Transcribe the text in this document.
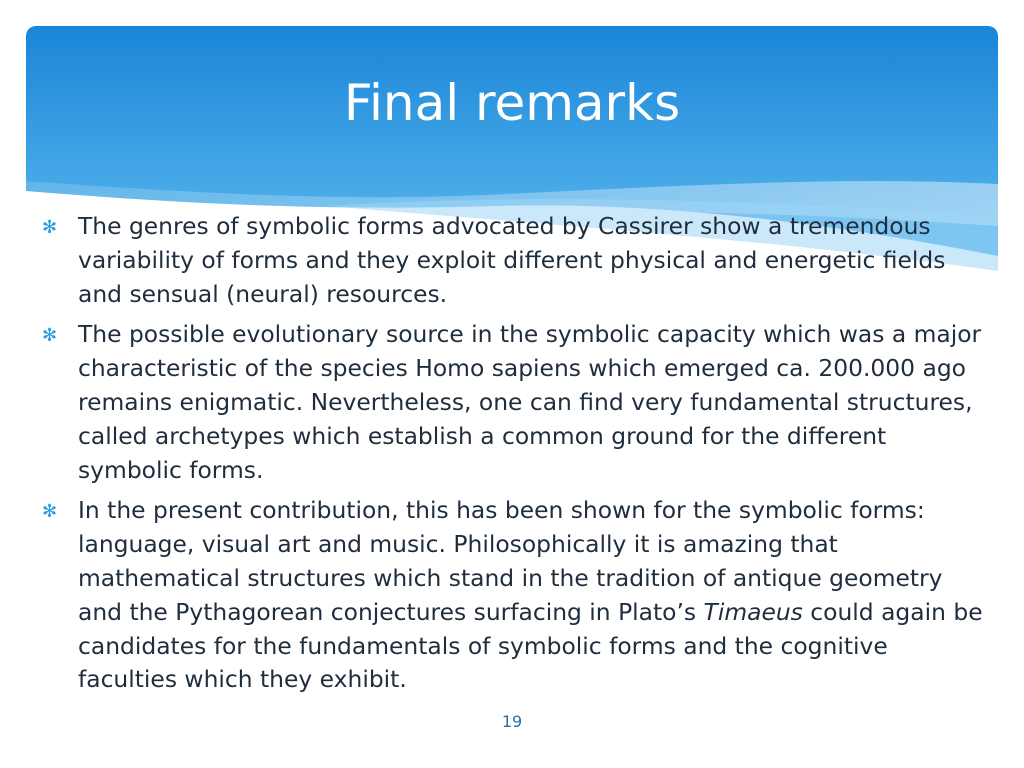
Final remarks
✻ The genres of symbolic forms advocated by Cassirer show a tremendous variability of forms and they exploit different physical and energetic fields and sensual (neural) resources.
✻ The possible evolutionary source in the symbolic capacity which was a major characteristic of the species Homo sapiens which emerged ca. 200.000 ago remains enigmatic. Nevertheless, one can find very fundamental structures, called archetypes which establish a common ground for the different symbolic forms.
✻ In the present contribution, this has been shown for the symbolic forms: language, visual art and music. Philosophically it is amazing that mathematical structures which stand in the tradition of antique geometry and the Pythagorean conjectures surfacing in Plato’s Timaeus could again be candidates for the fundamentals of symbolic forms and the cognitive faculties which they exhibit.
19
